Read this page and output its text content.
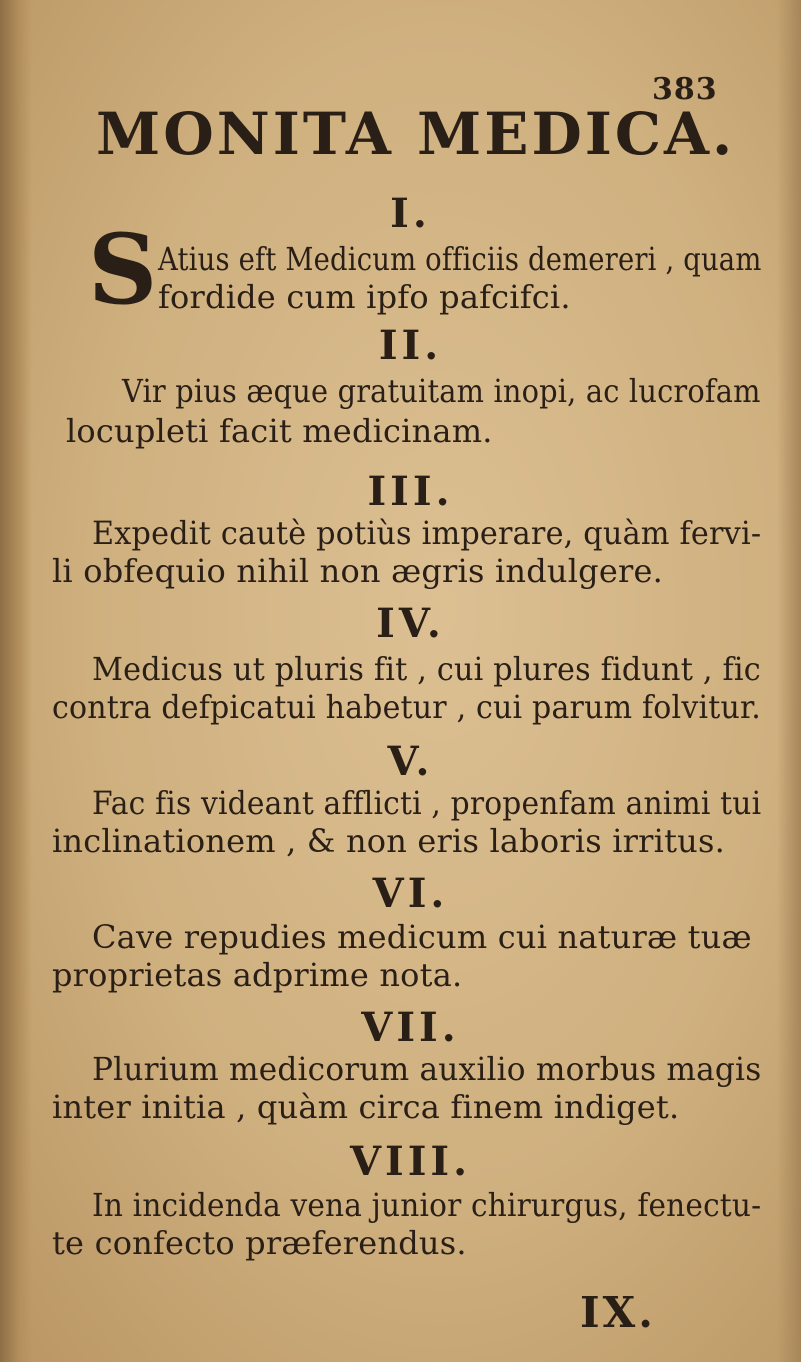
383
MONITA MEDICA.
I.
S Atius eft Medicum officiis demereri , quam
fordide cum ipfo pafcifci.
II.
Vir pius æque gratuitam inopi, ac lucrofam
locupleti facit medicinam.
III.
Expedit cautè potiùs imperare, quàm fervi-
li obfequio nihil non ægris indulgere.
IV.
Medicus ut pluris fit , cui plures fidunt , fic
contra defpicatui habetur , cui parum folvitur.
V.
Fac fis videant afflicti , propenfam animi tui
inclinationem , & non eris laboris irritus.
VI.
Cave repudies medicum cui naturæ tuæ
proprietas adprime nota.
VII.
Plurium medicorum auxilio morbus magis
inter initia , quàm circa finem indiget.
VIII.
In incidenda vena junior chirurgus, fenectu-
te confecto præferendus.
IX.
